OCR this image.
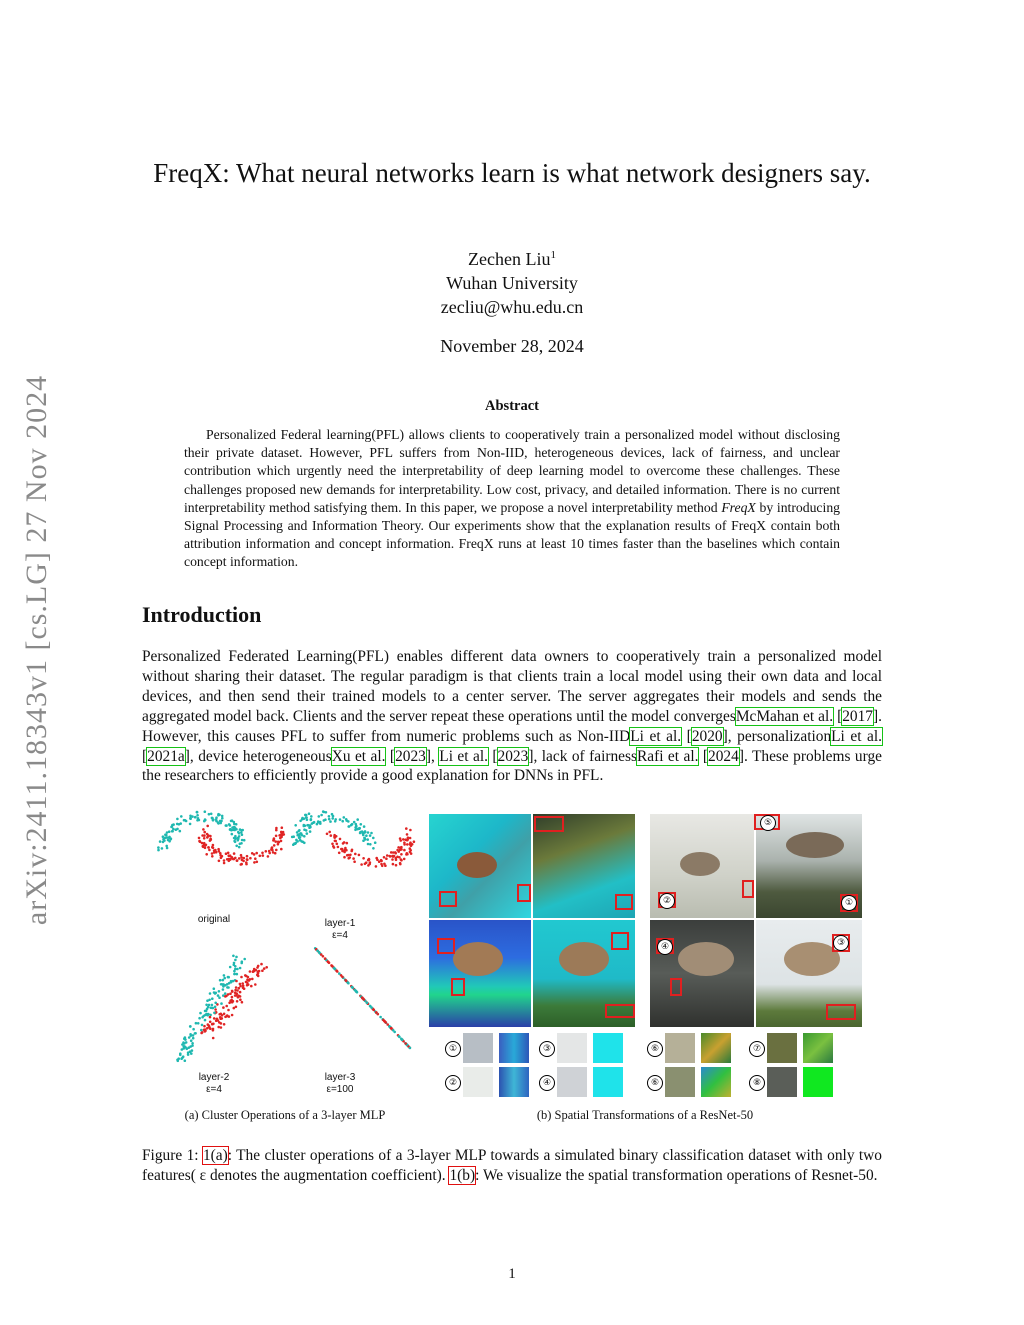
arXiv:2411.18343v1 [cs.LG] 27 Nov 2024
FreqX: What neural networks learn is what network designers say.
Zechen Liu$^1$
Wuhan University
zecliu@whu.edu.cn
November 28, 2024
Abstract

Personalized Federal learning(PFL) allows clients to cooperatively train a personalized model without disclosing their private dataset. However, PFL suffers from Non-IID, heterogeneous devices, lack of fairness, and unclear contribution which urgently need the interpretability of deep learning model to overcome these challenges. These challenges proposed new demands for interpretability. Low cost, privacy, and detailed information. There is no current interpretability method satisfying them. In this paper, we propose a novel interpretability method FreqX by introducing Signal Processing and Information Theory. Our experiments show that the explanation results of FreqX contain both attribution information and concept information. FreqX runs at least 10 times faster than the baselines which contain concept information.

Introduction

Personalized Federated Learning(PFL) enables different data owners to cooperatively train a personalized model without sharing their dataset. The regular paradigm is that clients train a local model using their own data and local devices, and then send their trained models to a center server. The server aggregates their models and sends the aggregated model back. Clients and the server repeat these operations until the model convergesMcMahan et al. [2017]. However, this causes PFL to suffer from numeric problems such as Non-IIDLi et al. [2020], personalizationLi et al. [2021a], device heterogeneousXu et al. [2023], Li et al. [2023], lack of fairnessRafi et al. [2024]. These problems urge the researchers to efficiently provide a good explanation for DNNs in PFL.

original	layer-1
ε=4
layer-2
ε=4
layer-3
ε=100
⑤
②	①
④	③
①	③	⑥	⑦
②	④	⑥	⑧
(a) Cluster Operations of a 3-layer MLP	(b) Spatial Transformations of a ResNet-50

Figure 1: 1(a): The cluster operations of a 3-layer MLP towards a simulated binary classification dataset with only two features( ε denotes the augmentation coefficient). 1(b): We visualize the spatial transformation operations of Resnet-50.

1
